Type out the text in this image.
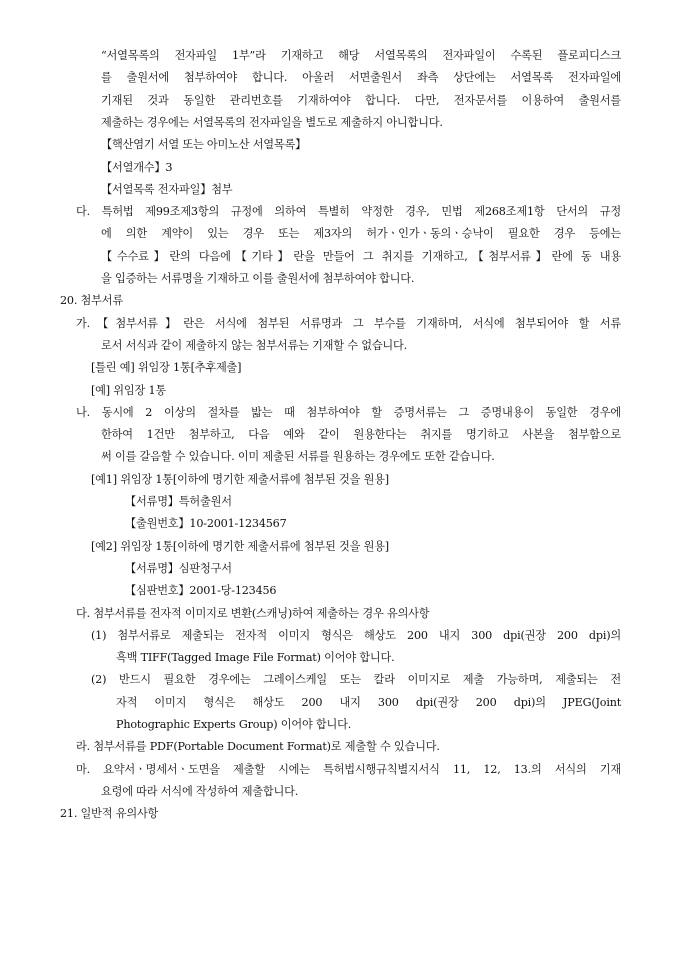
“서열목록의 전자파일 1부”라 기재하고 해당 서열목록의 전자파일이 수록된 플로피디스크
를 출원서에 첨부하여야 합니다. 아울러 서면출원서 좌측 상단에는 서열목록 전자파일에
기재된 것과 동일한 관리번호를 기재하여야 합니다. 다만, 전자문서를 이용하여 출원서를
제출하는 경우에는 서열목록의 전자파일을 별도로 제출하지 아니합니다.
【핵산염기 서열 또는 아미노산 서열목록】
【서열개수】3
【서열목록 전자파일】첨부
다. 특허법 제99조제3항의 규정에 의하여 특별히 약정한 경우, 민법 제268조제1항 단서의 규정
에 의한 계약이 있는 경우 또는 제3자의 허가ㆍ인가ㆍ동의ㆍ승낙이 필요한 경우 등에는
【수수료】란의 다음에【기타】란을 만들어 그 취지를 기재하고,【첨부서류】란에 동 내용
을 입증하는 서류명을 기재하고 이를 출원서에 첨부하여야 합니다.
20. 첨부서류
가.【첨부서류】란은 서식에 첨부된 서류명과 그 부수를 기재하며, 서식에 첨부되어야 할 서류
로서 서식과 같이 제출하지 않는 첨부서류는 기재할 수 없습니다.
[틀린 예] 위임장 1통[추후제출]
[예] 위임장 1통
나. 동시에 2 이상의 절차를 밟는 때 첨부하여야 할 증명서류는 그 증명내용이 동일한 경우에
한하여 1건만 첨부하고, 다음 예와 같이 원용한다는 취지를 명기하고 사본을 첨부함으로
써 이를 갈음할 수 있습니다. 이미 제출된 서류를 원용하는 경우에도 또한 같습니다.
[예1] 위임장 1통[이하에 명기한 제출서류에 첨부된 것을 원용]
【서류명】특허출원서
【출원번호】10-2001-1234567
[예2] 위임장 1통[이하에 명기한 제출서류에 첨부된 것을 원용]
【서류명】심판청구서
【심판번호】2001-당-123456
다. 첨부서류를 전자적 이미지로 변환(스캐닝)하여 제출하는 경우 유의사항
(1) 첨부서류로 제출되는 전자적 이미지 형식은 해상도 200 내지 300 dpi(권장 200 dpi)의
흑백 TIFF(Tagged Image File Format) 이어야 합니다.
(2) 반드시 필요한 경우에는 그레이스케일 또는 칼라 이미지로 제출 가능하며, 제출되는 전
자적 이미지 형식은 해상도 200 내지 300 dpi(권장 200 dpi)의 JPEG(Joint
Photographic Experts Group) 이어야 합니다.
라. 첨부서류를 PDF(Portable Document Format)로 제출할 수 있습니다.
마. 요약서ㆍ명세서ㆍ도면을 제출할 시에는 특허법시행규칙별지서식 11, 12, 13.의 서식의 기재
요령에 따라 서식에 작성하여 제출합니다.
21. 일반적 유의사항
